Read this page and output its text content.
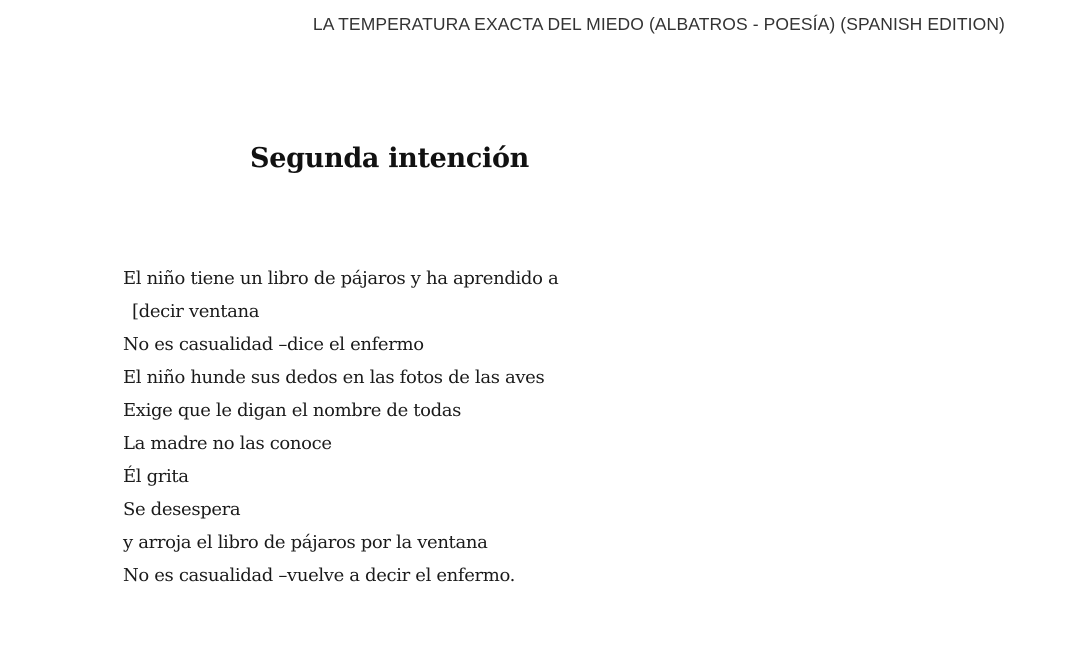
LA TEMPERATURA EXACTA DEL MIEDO (ALBATROS - POESÍA) (SPANISH EDITION)
Segunda intención
El niño tiene un libro de pájaros y ha aprendido a
[decir ventana
No es casualidad –dice el enfermo
El niño hunde sus dedos en las fotos de las aves
Exige que le digan el nombre de todas
La madre no las conoce
Él grita
Se desespera
y arroja el libro de pájaros por la ventana
No es casualidad –vuelve a decir el enfermo.
